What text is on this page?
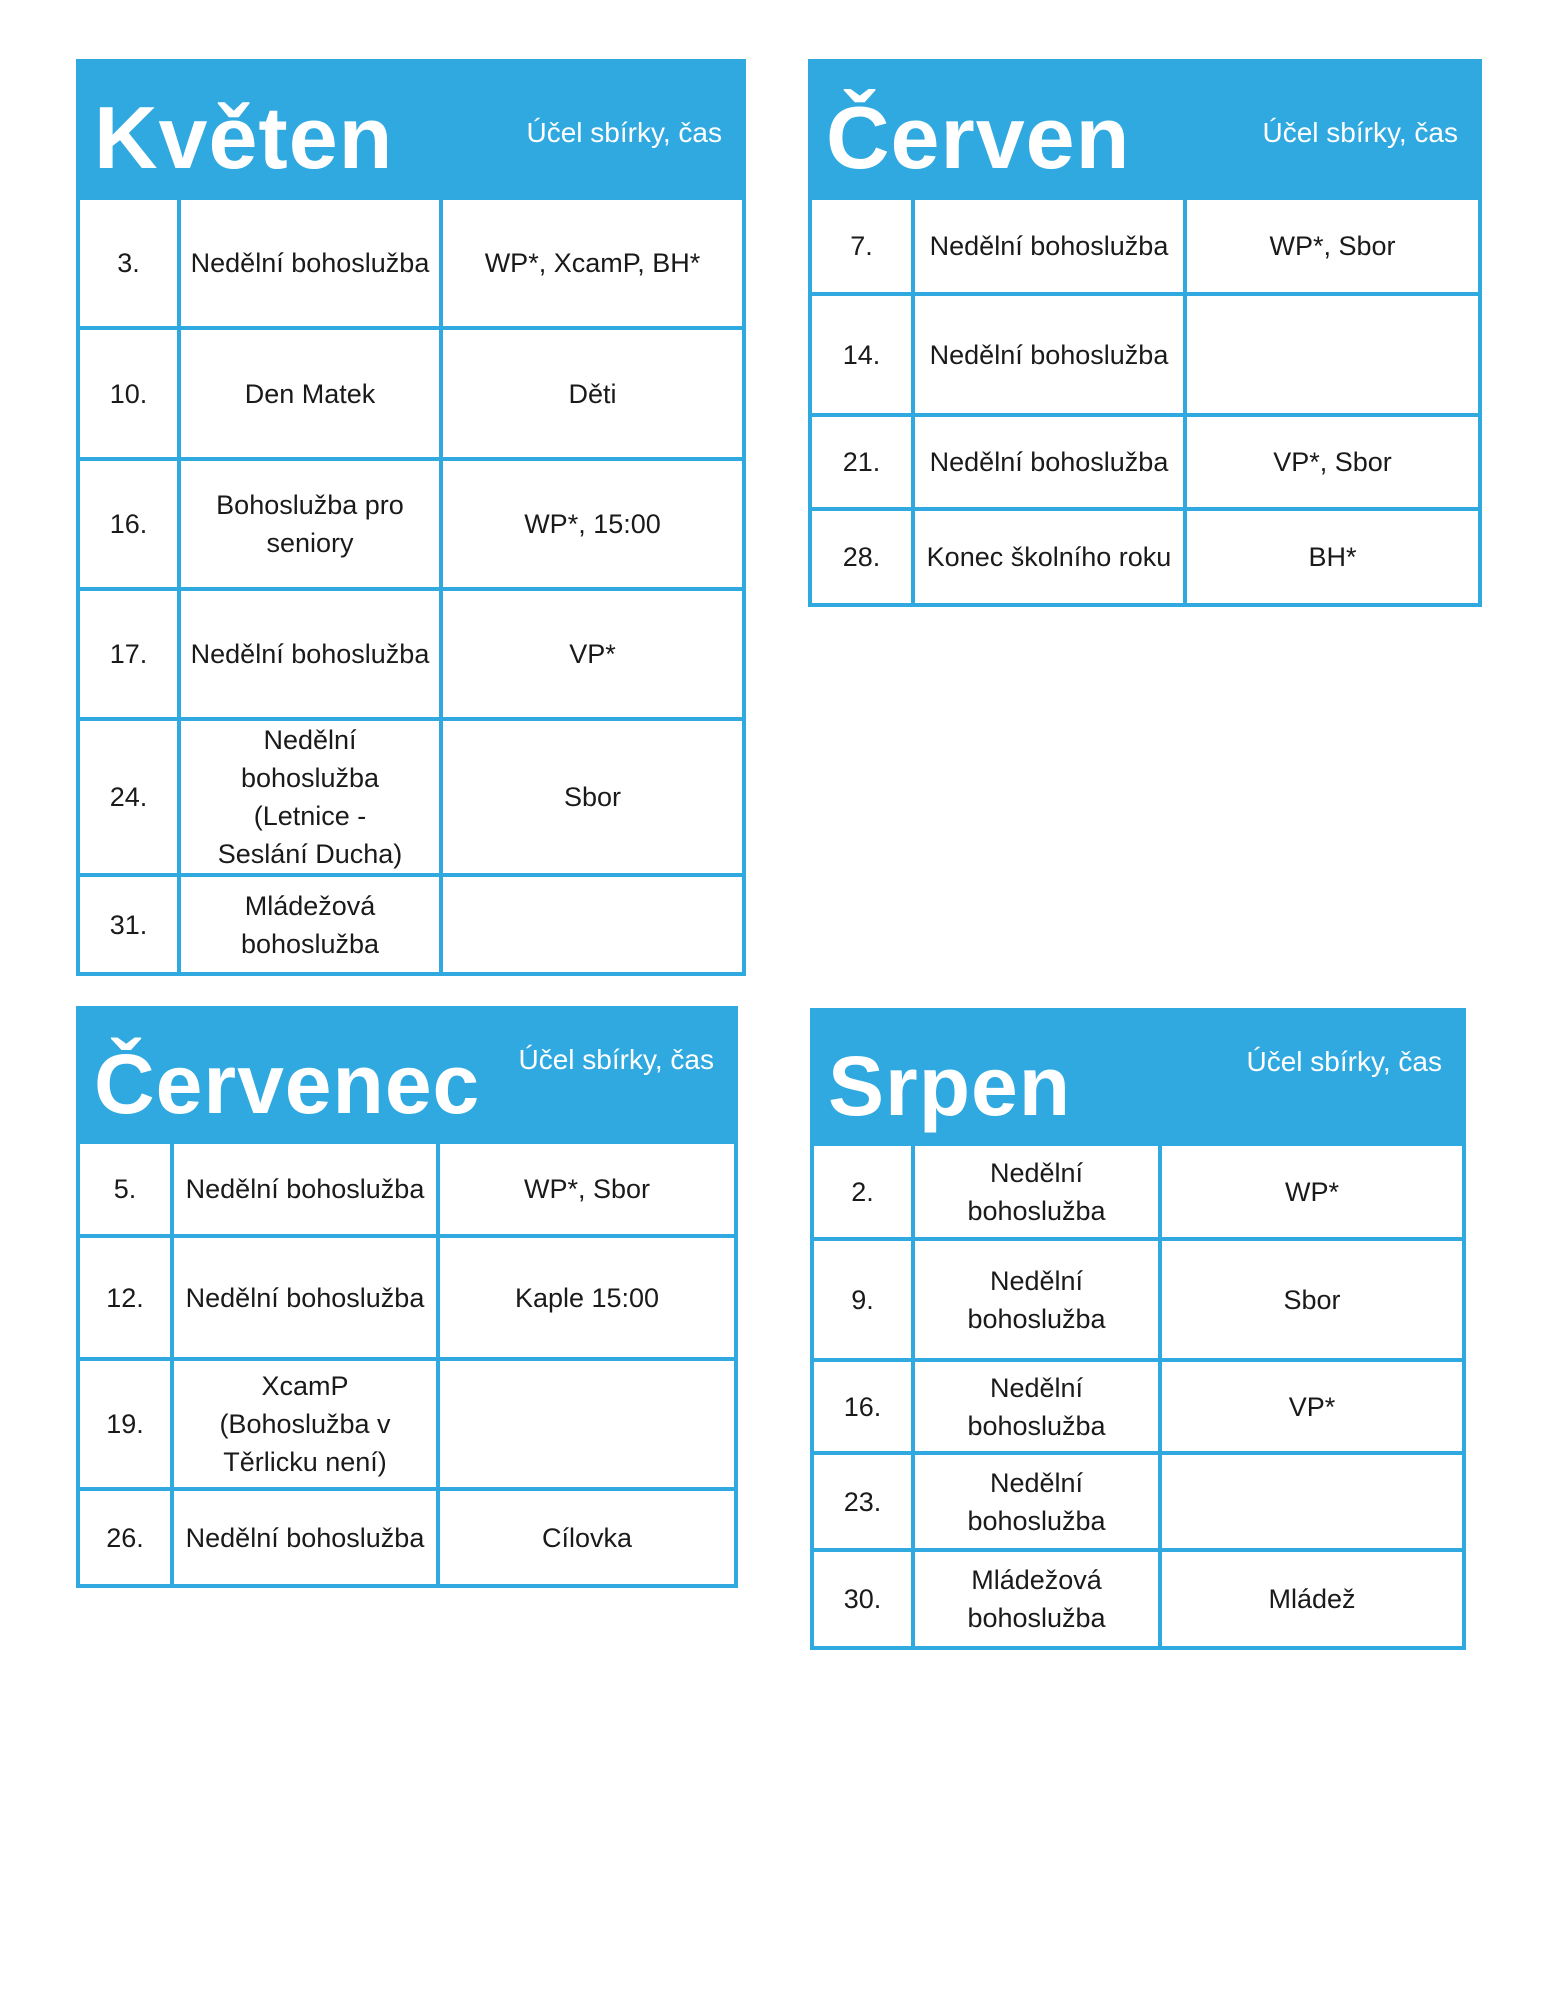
Květen	Účel sbírky, čas
3.	Nedělní bohoslužba	WP*, XcamP, BH*
10.	Den Matek	Děti
16.	Bohoslužba pro seniory	WP*, 15:00
17.	Nedělní bohoslužba	VP*
24.	Nedělní bohoslužba (Letnice - Seslání Ducha)	Sbor
31.	Mládežová bohoslužba	
Červen	Účel sbírky, čas
7.	Nedělní bohoslužba	WP*, Sbor
14.	Nedělní bohoslužba	
21.	Nedělní bohoslužba	VP*, Sbor
28.	Konec školního roku	BH*
Červenec Účel sbírky, čas
5.	Nedělní bohoslužba	WP*, Sbor
12.	Nedělní bohoslužba	Kaple 15:00
19.	XcamP (Bohoslužba v Těrlicku není)	
26.	Nedělní bohoslužba	Cílovka
Srpen	Účel sbírky, čas
2.	Nedělní bohoslužba	WP*
9.	Nedělní bohoslužba	Sbor
16.	Nedělní bohoslužba	VP*
23.	Nedělní bohoslužba	
30.	Mládežová bohoslužba	Mládež
